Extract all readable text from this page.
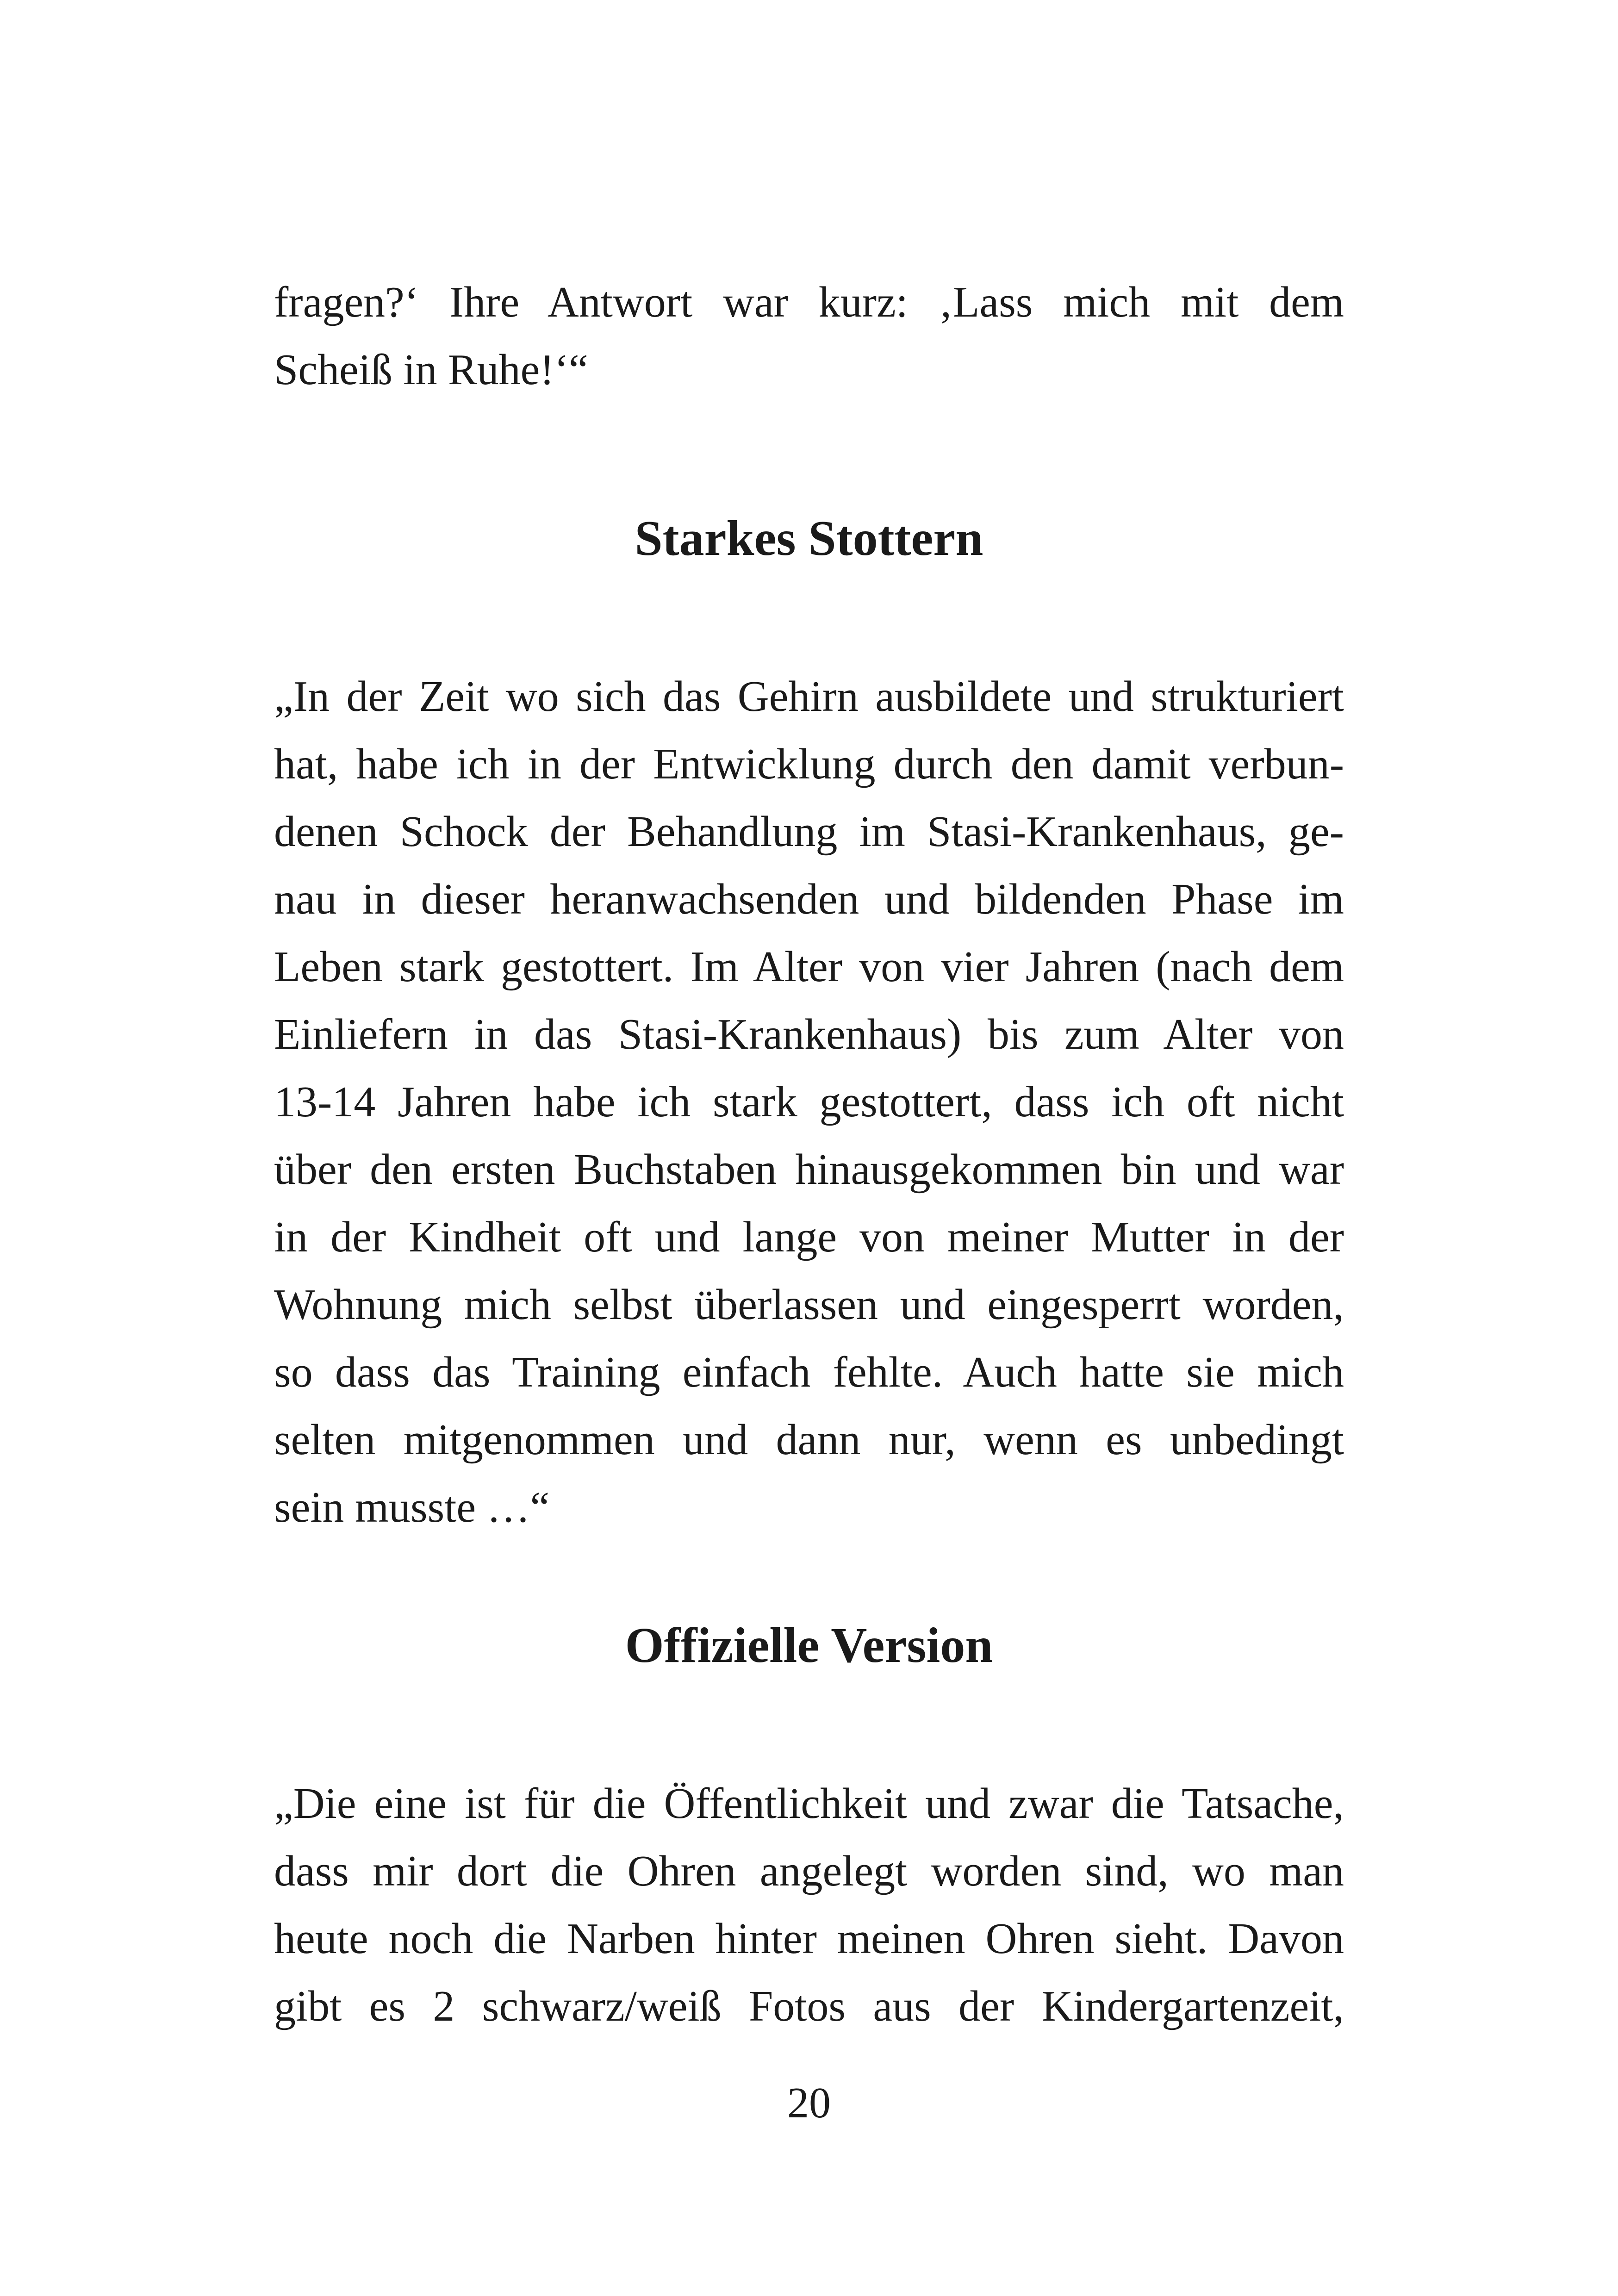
fragen?‘ Ihre Antwort war kurz: ‚Lass mich mit dem
Scheiß in Ruhe!‘“
Starkes Stottern
„In der Zeit wo sich das Gehirn ausbildete und strukturiert
hat, habe ich in der Entwicklung durch den damit verbun-
denen Schock der Behandlung im Stasi-Krankenhaus, ge-
nau in dieser heranwachsenden und bildenden Phase im
Leben stark gestottert. Im Alter von vier Jahren (nach dem
Einliefern in das Stasi-Krankenhaus) bis zum Alter von
13-14 Jahren habe ich stark gestottert, dass ich oft nicht
über den ersten Buchstaben hinausgekommen bin und war
in der Kindheit oft und lange von meiner Mutter in der
Wohnung mich selbst überlassen und eingesperrt worden,
so dass das Training einfach fehlte. Auch hatte sie mich
selten mitgenommen und dann nur, wenn es unbedingt
sein musste …“
Offizielle Version
„Die eine ist für die Öffentlichkeit und zwar die Tatsache,
dass mir dort die Ohren angelegt worden sind, wo man
heute noch die Narben hinter meinen Ohren sieht. Davon
gibt es 2 schwarz/weiß Fotos aus der Kindergartenzeit,
20
